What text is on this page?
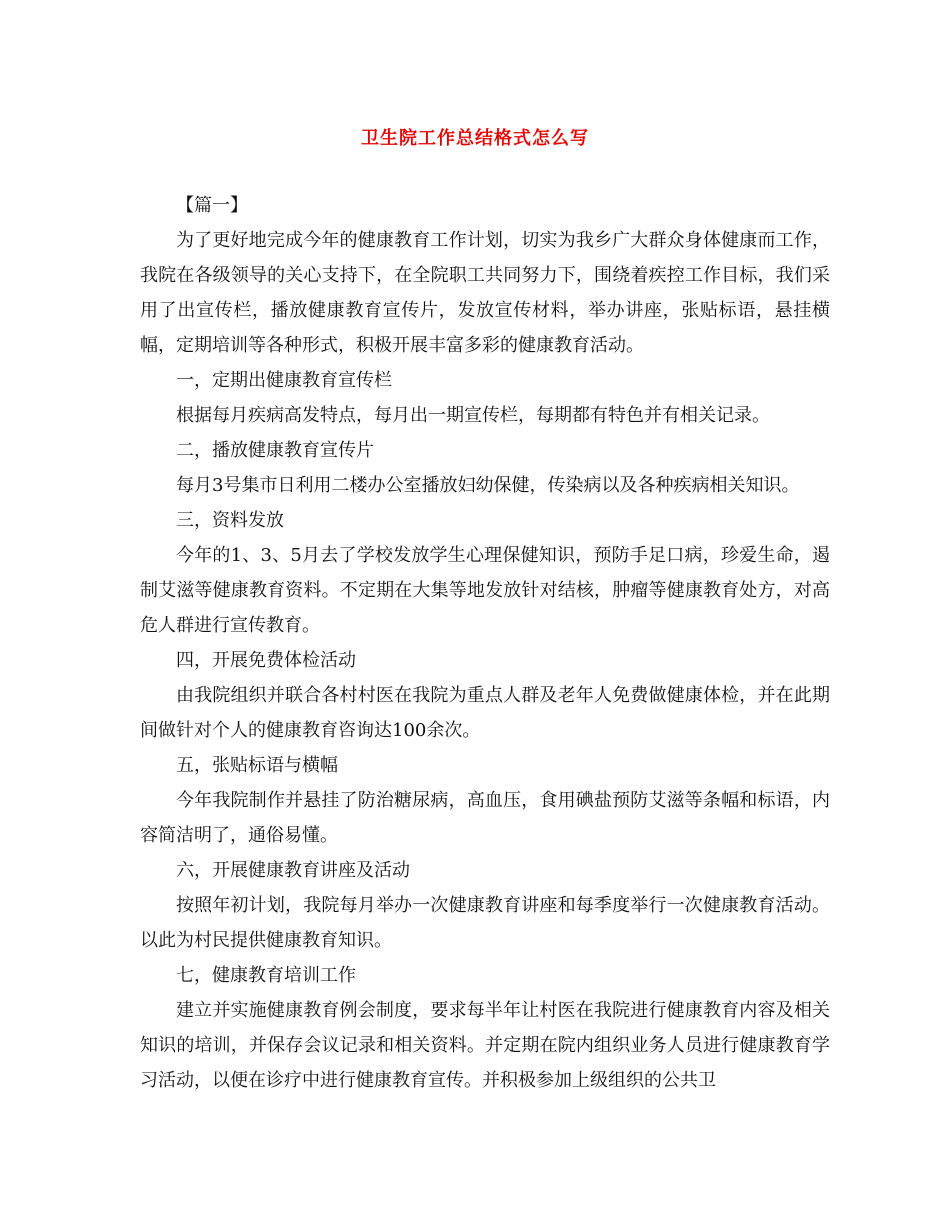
卫生院工作总结格式怎么写

【篇一】

为了更好地完成今年的健康教育工作计划，切实为我乡广大群众身体健康而工作，我院在各级领导的关心支持下，在全院职工共同努力下，围绕着疾控工作目标，我们采用了出宣传栏，播放健康教育宣传片，发放宣传材料，举办讲座，张贴标语，悬挂横幅，定期培训等各种形式，积极开展丰富多彩的健康教育活动。

一，定期出健康教育宣传栏

根据每月疾病高发特点，每月出一期宣传栏，每期都有特色并有相关记录。

二，播放健康教育宣传片

每月3号集市日利用二楼办公室播放妇幼保健，传染病以及各种疾病相关知识。

三，资料发放

今年的1、3、5月去了学校发放学生心理保健知识，预防手足口病，珍爱生命，遏制艾滋等健康教育资料。不定期在大集等地发放针对结核，肿瘤等健康教育处方，对高危人群进行宣传教育。

四，开展免费体检活动

由我院组织并联合各村村医在我院为重点人群及老年人免费做健康体检，并在此期间做针对个人的健康教育咨询达100余次。

五，张贴标语与横幅

今年我院制作并悬挂了防治糖尿病，高血压，食用碘盐预防艾滋等条幅和标语，内容简洁明了，通俗易懂。

六，开展健康教育讲座及活动

按照年初计划，我院每月举办一次健康教育讲座和每季度举行一次健康教育活动。以此为村民提供健康教育知识。

七，健康教育培训工作

建立并实施健康教育例会制度，要求每半年让村医在我院进行健康教育内容及相关知识的培训，并保存会议记录和相关资料。并定期在院内组织业务人员进行健康教育学习活动，以便在诊疗中进行健康教育宣传。并积极参加上级组织的公共卫
